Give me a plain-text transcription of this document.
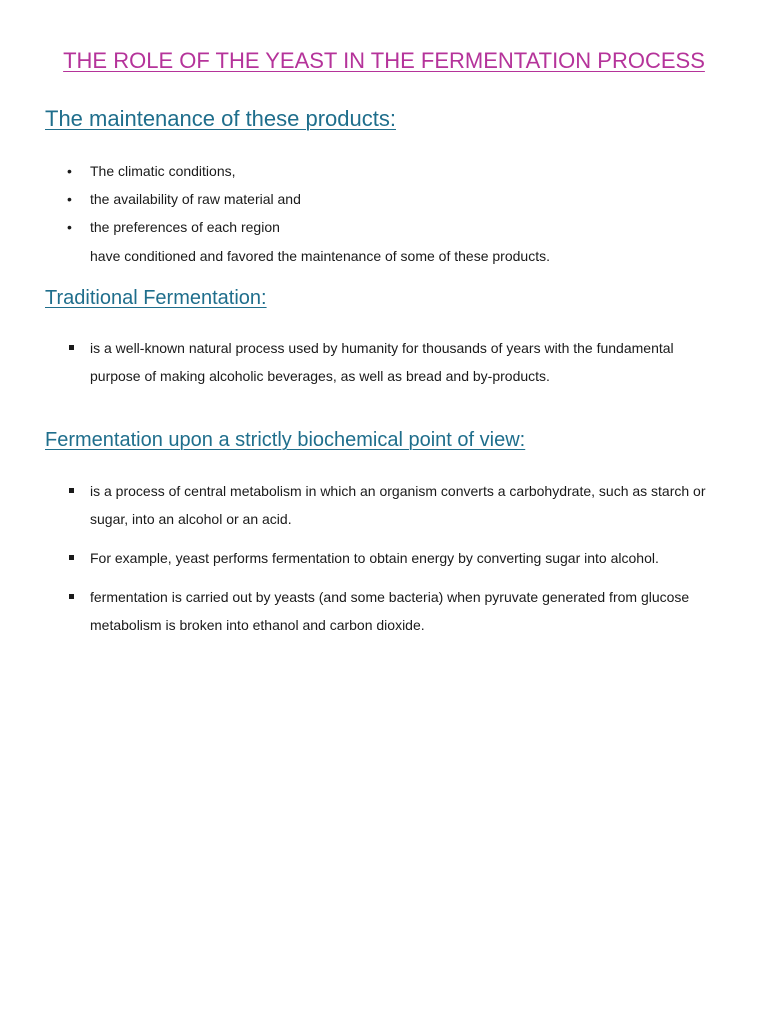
THE ROLE OF THE YEAST IN THE FERMENTATION PROCESS
The maintenance of these products:
• The climatic conditions,
• the availability of raw material and
• the preferences of each region
have conditioned and favored the maintenance of some of these products.
Traditional Fermentation:
is a well-known natural process used by humanity for thousands of years with the fundamental purpose of making alcoholic beverages, as well as bread and by-products.
Fermentation upon a strictly biochemical point of view:
is a process of central metabolism in which an organism converts a carbohydrate, such as starch or sugar, into an alcohol or an acid.
For example, yeast performs fermentation to obtain energy by converting sugar into alcohol.
fermentation is carried out by yeasts (and some bacteria) when pyruvate generated from glucose metabolism is broken into ethanol and carbon dioxide.
